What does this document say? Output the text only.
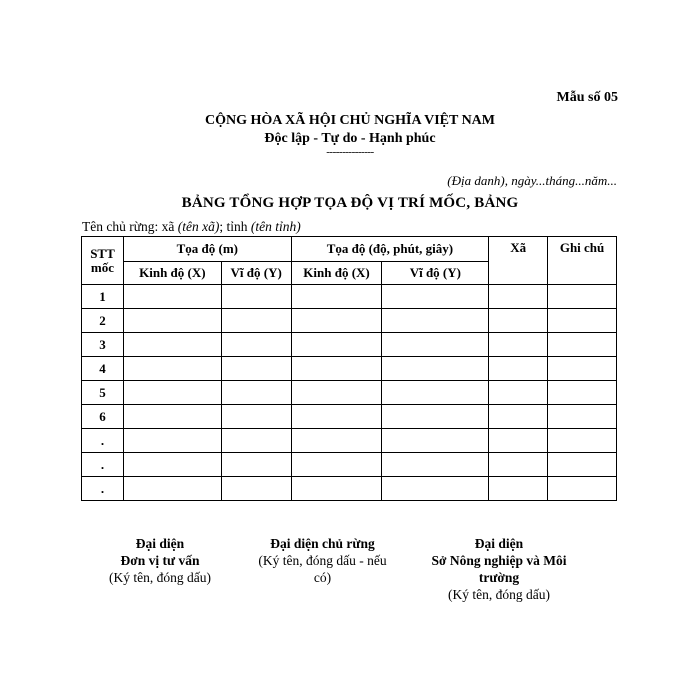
Mẫu số 05
CỘNG HÒA XÃ HỘI CHỦ NGHĨA VIỆT NAM
Độc lập - Tự do - Hạnh phúc
---------------
(Địa danh), ngày...tháng...năm...
BẢNG TỔNG HỢP TỌA ĐỘ VỊ TRÍ MỐC, BẢNG
Tên chủ rừng: xã (tên xã); tỉnh (tên tỉnh)
STT mốc	Tọa độ (m)		Tọa độ (độ, phút, giây)		Xã	Ghi chú
	Kinh độ (X)	Vĩ độ (Y)	Kinh độ (X)	Vĩ độ (Y)		
1						
2						
3						
4						
5						
6						
.						
.						
.						
Đại diện
Đơn vị tư vấn
(Ký tên, đóng dấu)
Đại diện chủ rừng
(Ký tên, đóng dấu - nếu có)
Đại diện
Sở Nông nghiệp và Môi trường
(Ký tên, đóng dấu)
